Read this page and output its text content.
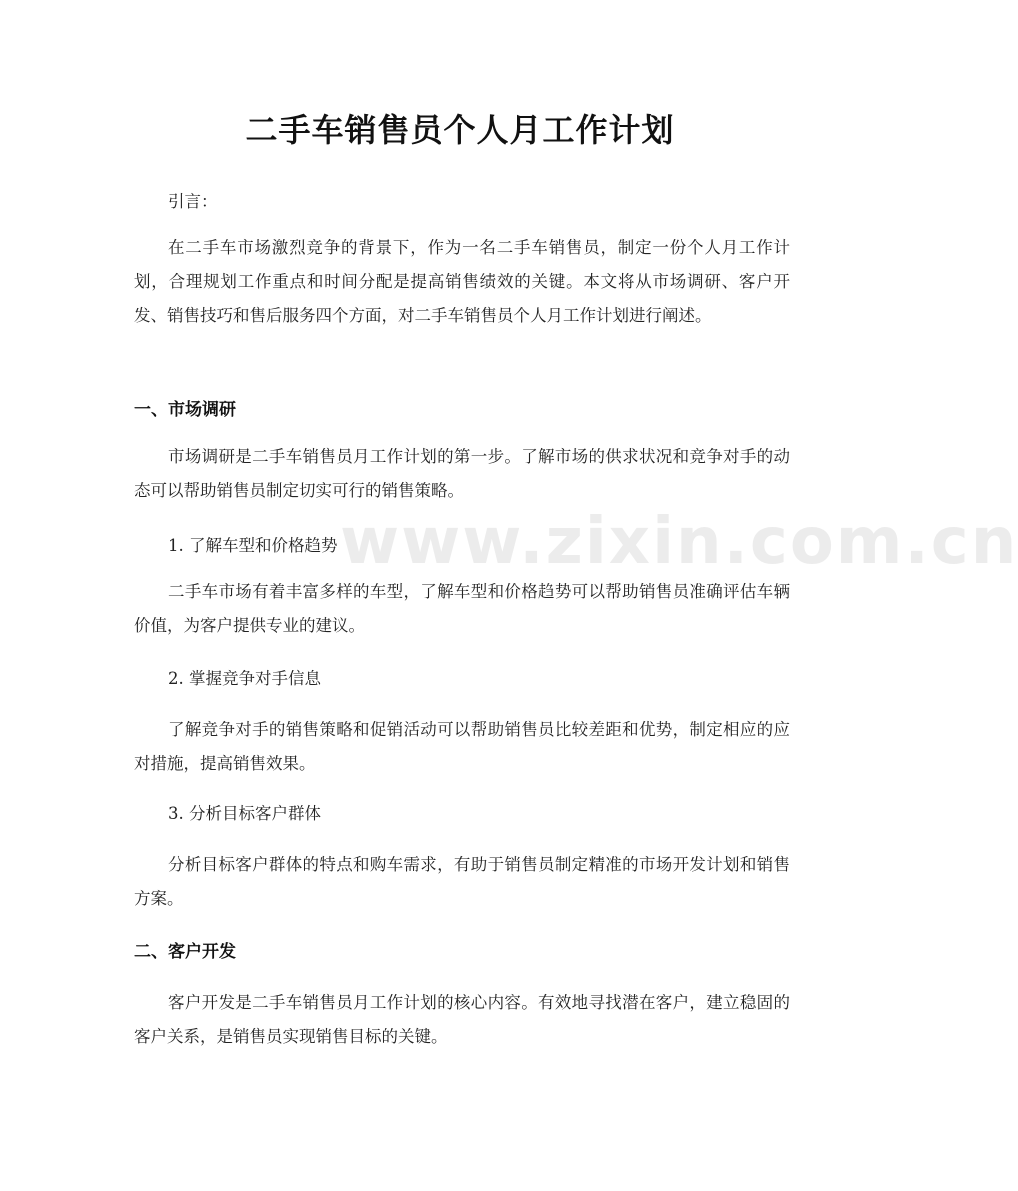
www.zixin.com.cn
二手车销售员个人月工作计划
引言：
在二手车市场激烈竞争的背景下，作为一名二手车销售员，制定一份个人月工作计划，合理规划工作重点和时间分配是提高销售绩效的关键。本文将从市场调研、客户开发、销售技巧和售后服务四个方面，对二手车销售员个人月工作计划进行阐述。
一、市场调研
市场调研是二手车销售员月工作计划的第一步。了解市场的供求状况和竞争对手的动态可以帮助销售员制定切实可行的销售策略。
1. 了解车型和价格趋势
二手车市场有着丰富多样的车型，了解车型和价格趋势可以帮助销售员准确评估车辆价值，为客户提供专业的建议。
2. 掌握竞争对手信息
了解竞争对手的销售策略和促销活动可以帮助销售员比较差距和优势，制定相应的应对措施，提高销售效果。
3. 分析目标客户群体
分析目标客户群体的特点和购车需求，有助于销售员制定精准的市场开发计划和销售方案。
二、客户开发
客户开发是二手车销售员月工作计划的核心内容。有效地寻找潜在客户，建立稳固的客户关系，是销售员实现销售目标的关键。
